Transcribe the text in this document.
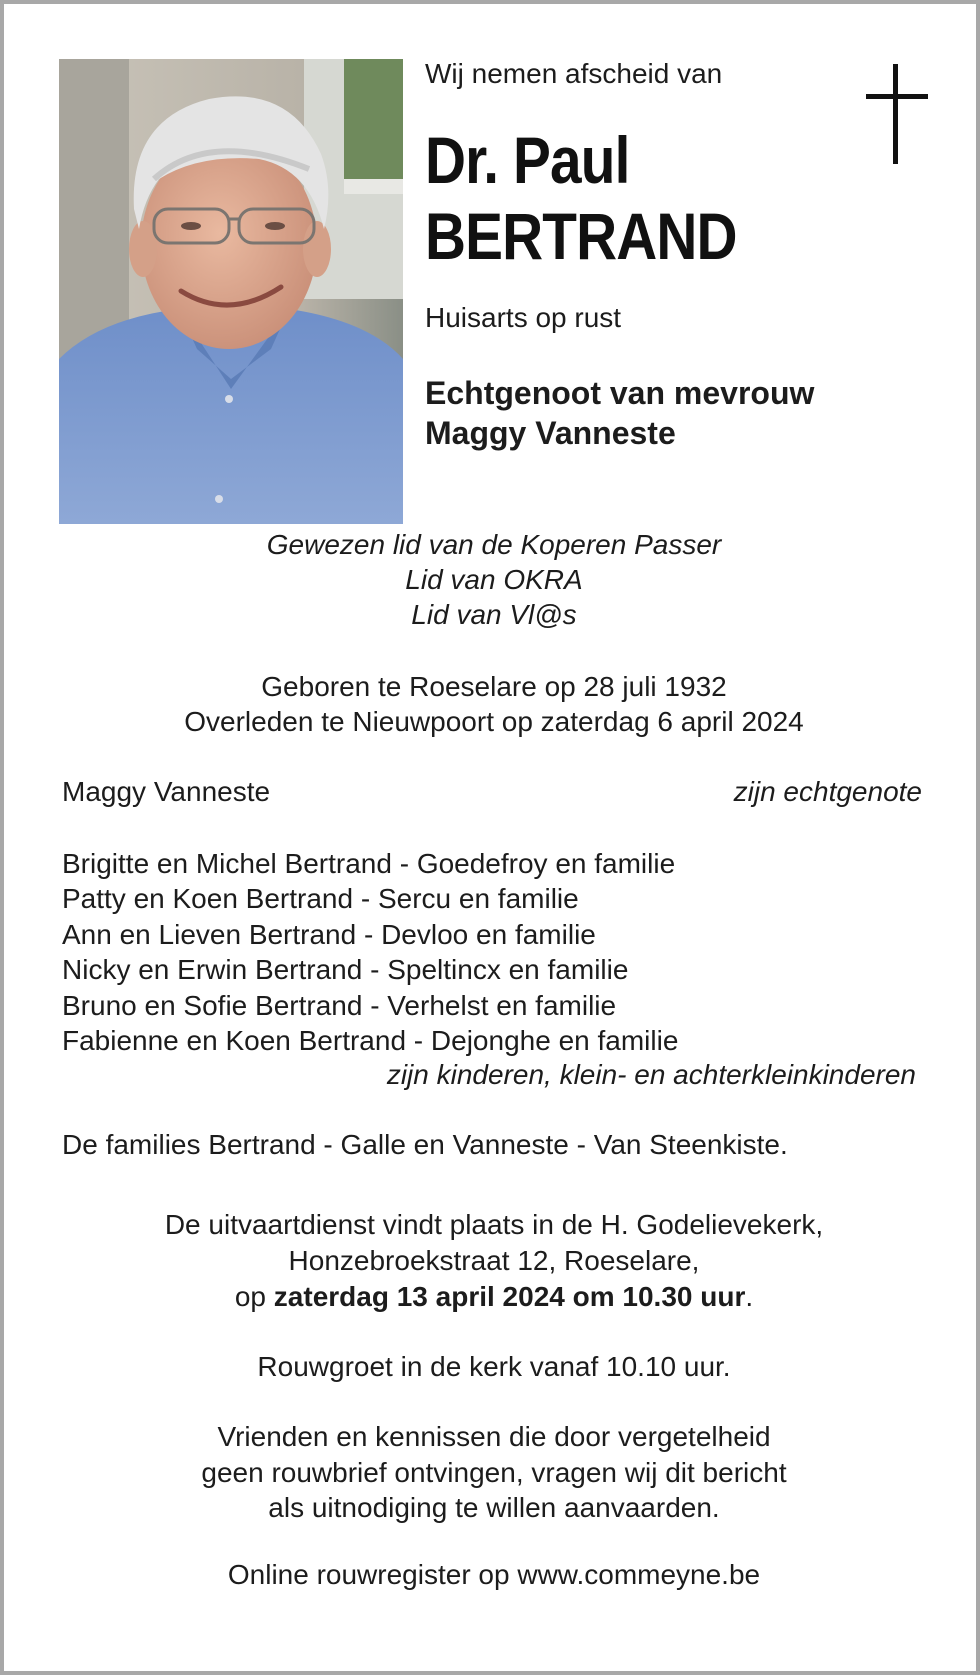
Wij nemen afscheid van
Dr. Paul
BERTRAND
Huisarts op rust
Echtgenoot van mevrouw
Maggy Vanneste
Gewezen lid van de Koperen Passer
Lid van OKRA
Lid van Vl@s
Geboren te Roeselare op 28 juli 1932
Overleden te Nieuwpoort op zaterdag 6 april 2024
Maggy Vanneste	zijn echtgenote
Brigitte en Michel Bertrand - Goedefroy en familie
Patty en Koen Bertrand - Sercu en familie
Ann en Lieven Bertrand - Devloo en familie
Nicky en Erwin Bertrand - Speltincx en familie
Bruno en Sofie Bertrand - Verhelst en familie
Fabienne en Koen Bertrand - Dejonghe en familie
zijn kinderen, klein- en achterkleinkinderen
De families Bertrand - Galle en Vanneste - Van Steenkiste.
De uitvaartdienst vindt plaats in de H. Godelievekerk,
Honzebroekstraat 12, Roeselare,
op zaterdag 13 april 2024 om 10.30 uur.
Rouwgroet in de kerk vanaf 10.10 uur.
Vrienden en kennissen die door vergetelheid
geen rouwbrief ontvingen, vragen wij dit bericht
als uitnodiging te willen aanvaarden.
Online rouwregister op www.commeyne.be
